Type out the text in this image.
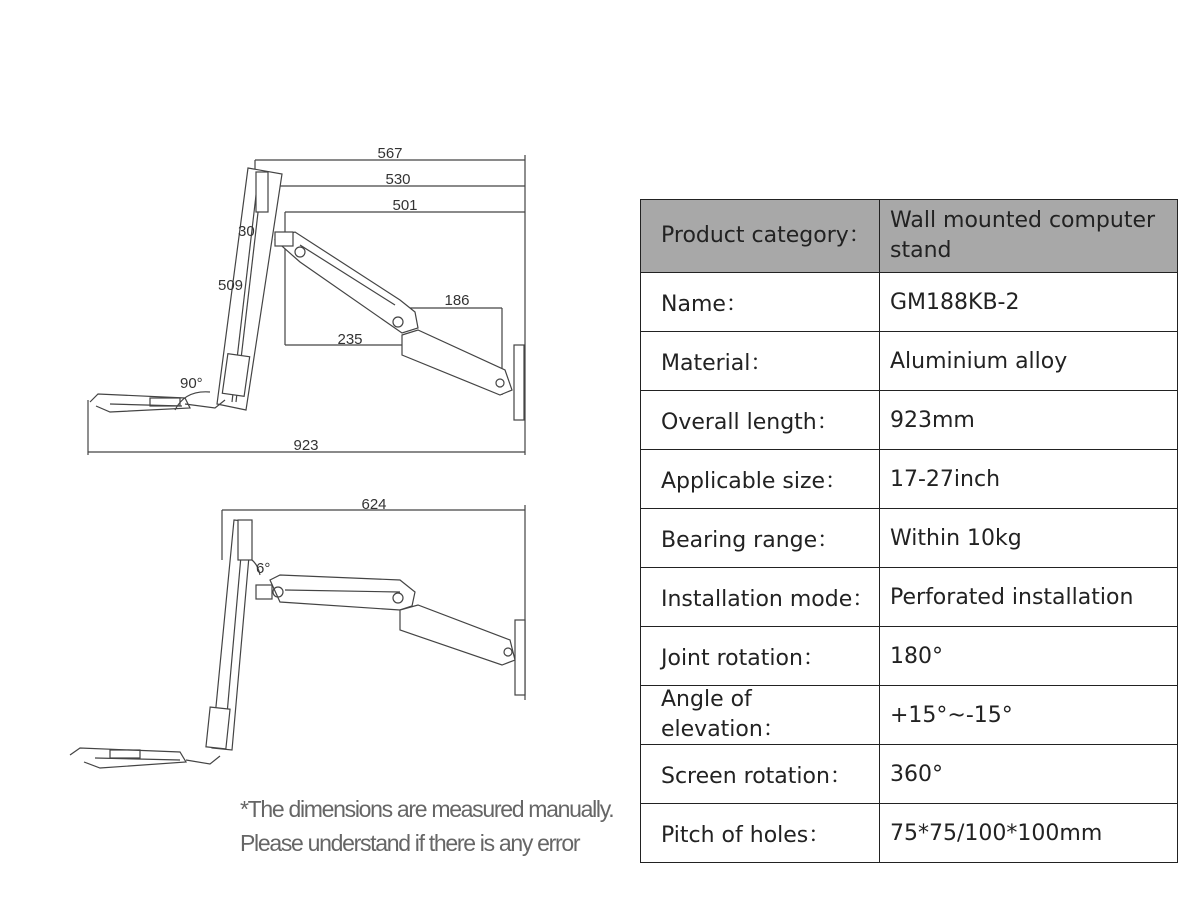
567
530
501
30
509
186
235
90°
923
624
6°
*The dimensions are measured manually.
Please understand if there is any error
Product category：	Wall mounted computer stand
Name：	GM188KB-2
Material：	Aluminium alloy
Overall length：	923mm
Applicable size：	17-27inch
Bearing range：	Within 10kg
Installation mode：	Perforated installation
Joint rotation：	180°
Angle of elevation：	+15°~-15°
Screen rotation：	360°
Pitch of holes：	75*75/100*100mm
